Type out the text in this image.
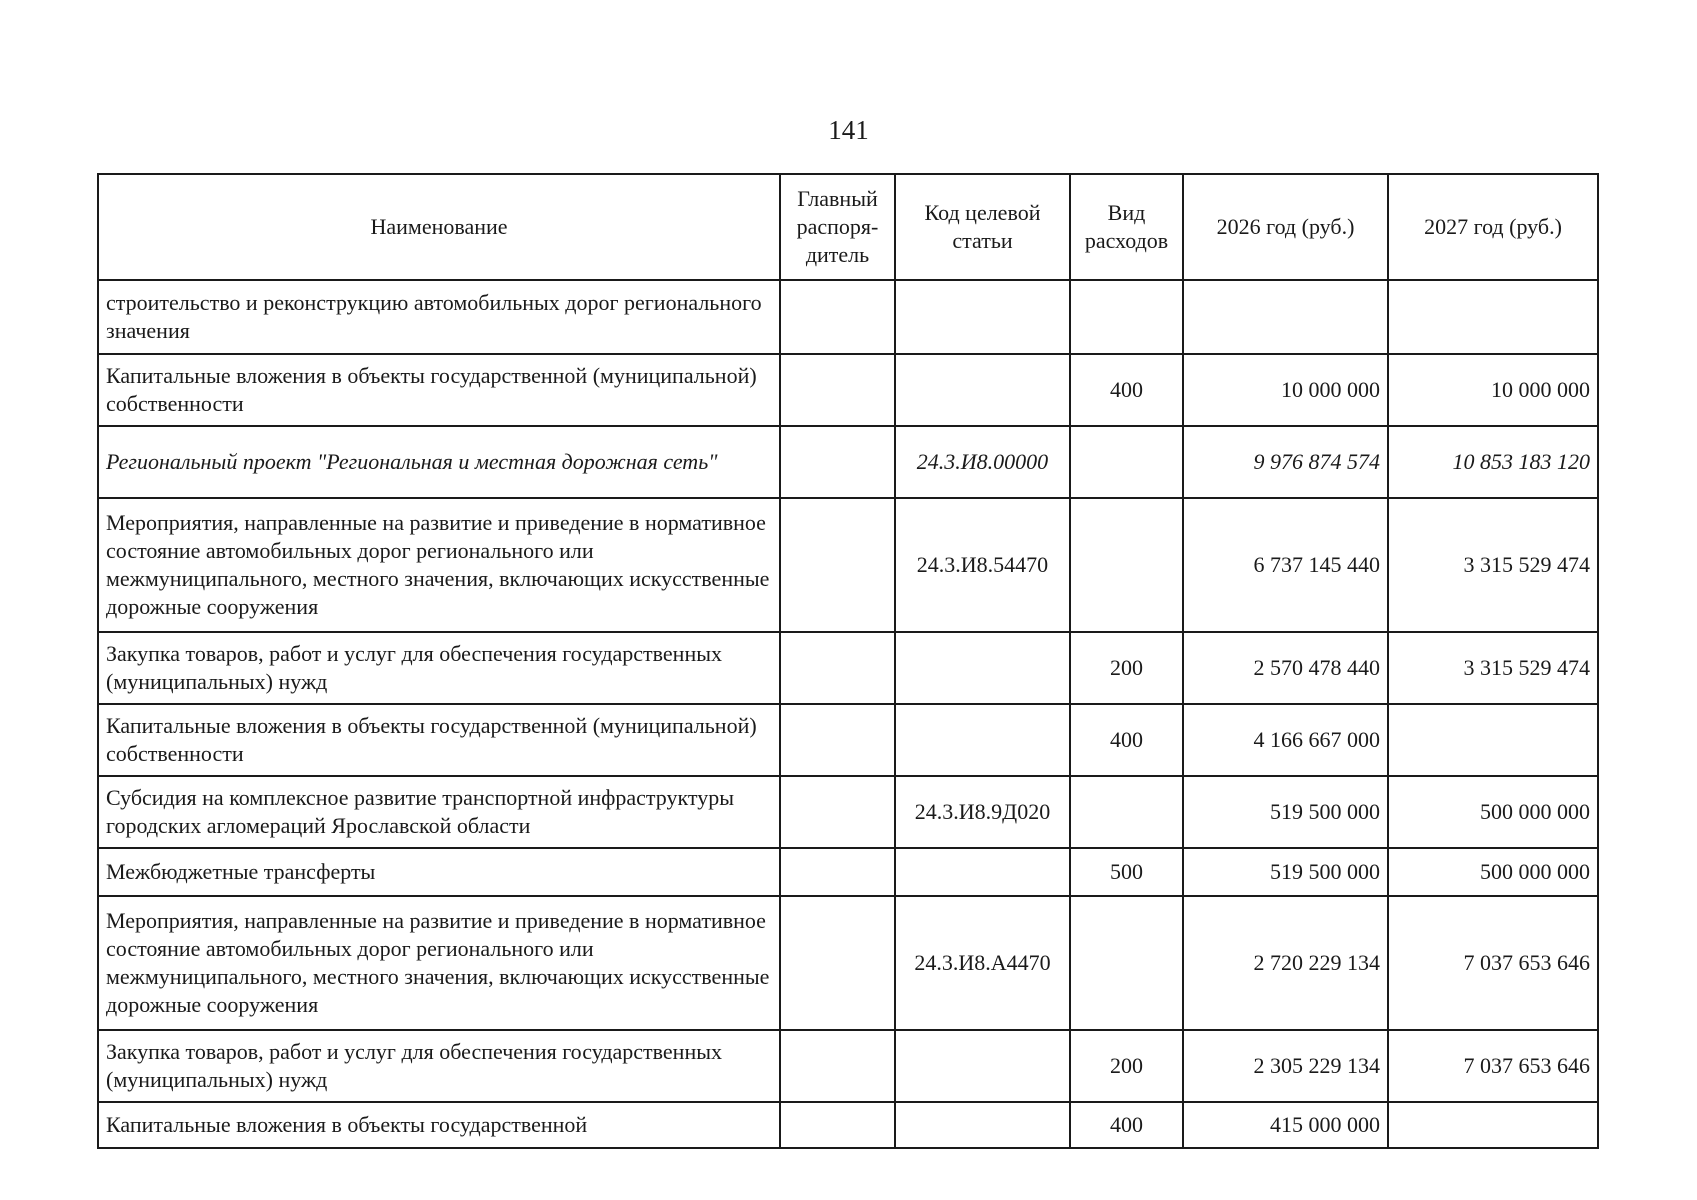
141
Наименование	Главный распоря-дитель	Код целевой статьи	Вид расходов	2026 год (руб.)	2027 год (руб.)
строительство и реконструкцию автомобильных дорог регионального значения					
Капитальные вложения в объекты государственной (муниципальной) собственности			400	10 000 000	10 000 000
Региональный проект "Региональная и местная дорожная сеть"		24.3.И8.00000		9 976 874 574	10 853 183 120
Мероприятия, направленные на развитие и приведение в нормативное состояние автомобильных дорог регионального или межмуниципального, местного значения, включающих искусственные дорожные сооружения		24.3.И8.54470		6 737 145 440	3 315 529 474
Закупка товаров, работ и услуг для обеспечения государственных (муниципальных) нужд			200	2 570 478 440	3 315 529 474
Капитальные вложения в объекты государственной (муниципальной) собственности			400	4 166 667 000	
Субсидия на комплексное развитие транспортной инфраструктуры городских агломераций Ярославской области		24.3.И8.9Д020		519 500 000	500 000 000
Межбюджетные трансферты			500	519 500 000	500 000 000
Мероприятия, направленные на развитие и приведение в нормативное состояние автомобильных дорог регионального или межмуниципального, местного значения, включающих искусственные дорожные сооружения		24.3.И8.А4470		2 720 229 134	7 037 653 646
Закупка товаров, работ и услуг для обеспечения государственных (муниципальных) нужд			200	2 305 229 134	7 037 653 646
Капитальные вложения в объекты государственной			400	415 000 000	
